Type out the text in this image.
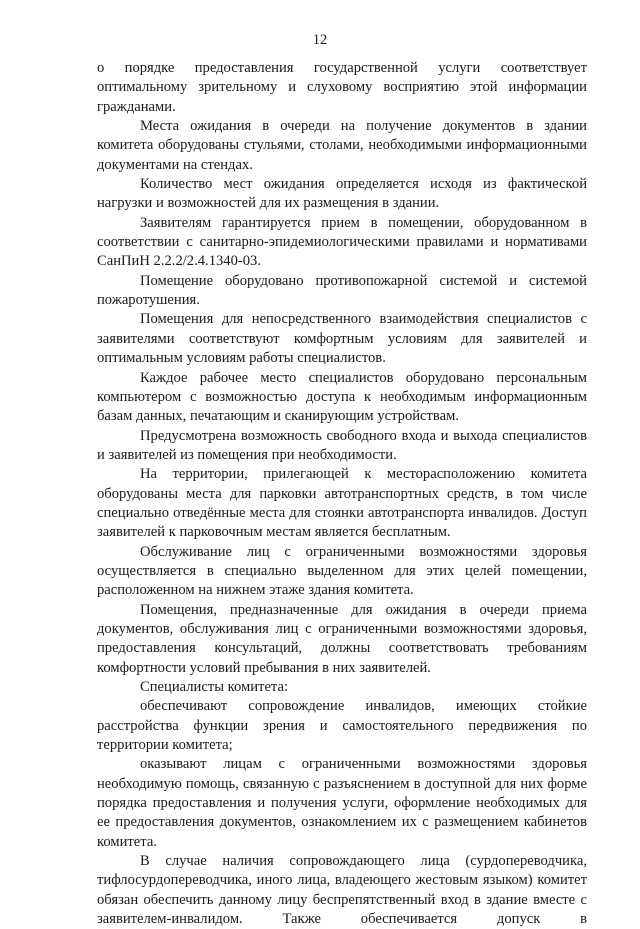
12

о порядке предоставления государственной услуги соответствует оптимальному зрительному и слуховому восприятию этой информации гражданами.

Места ожидания в очереди на получение документов в здании комитета оборудованы стульями, столами, необходимыми информационными документами на стендах.

Количество мест ожидания определяется исходя из фактической нагрузки и возможностей для их размещения в здании.

Заявителям гарантируется прием в помещении, оборудованном в соответствии с санитарно-эпидемиологическими правилами и нормативами СанПиН 2.2.2/2.4.1340-03.

Помещение оборудовано противопожарной системой и системой пожаротушения.

Помещения для непосредственного взаимодействия специалистов с заявителями соответствуют комфортным условиям для заявителей и оптимальным условиям работы специалистов.

Каждое рабочее место специалистов оборудовано персональным компьютером с возможностью доступа к необходимым информационным базам данных, печатающим и сканирующим устройствам.

Предусмотрена возможность свободного входа и выхода специалистов и заявителей из помещения при необходимости.

На территории, прилегающей к месторасположению комитета оборудованы места для парковки автотранспортных средств, в том числе специально отведённые места для стоянки автотранспорта инвалидов. Доступ заявителей к парковочным местам является бесплатным.

Обслуживание лиц с ограниченными возможностями здоровья осуществляется в специально выделенном для этих целей помещении, расположенном на нижнем этаже здания комитета.

Помещения, предназначенные для ожидания в очереди приема документов, обслуживания лиц с ограниченными возможностями здоровья, предоставления консультаций, должны соответствовать требованиям комфортности условий пребывания в них заявителей.

Специалисты комитета:

обеспечивают сопровождение инвалидов, имеющих стойкие расстройства функции зрения и самостоятельного передвижения по территории комитета;

оказывают лицам с ограниченными возможностями здоровья необходимую помощь, связанную с разъяснением в доступной для них форме порядка предоставления и получения услуги, оформление необходимых для ее предоставления документов, ознакомлением их с размещением кабинетов комитета.

В случае наличия сопровождающего лица (сурдопереводчика, тифлосурдопереводчика, иного лица, владеющего жестовым языком) комитет обязан обеспечить данному лицу беспрепятственный вход в здание вместе с заявителем-инвалидом. Также обеспечивается допуск в
